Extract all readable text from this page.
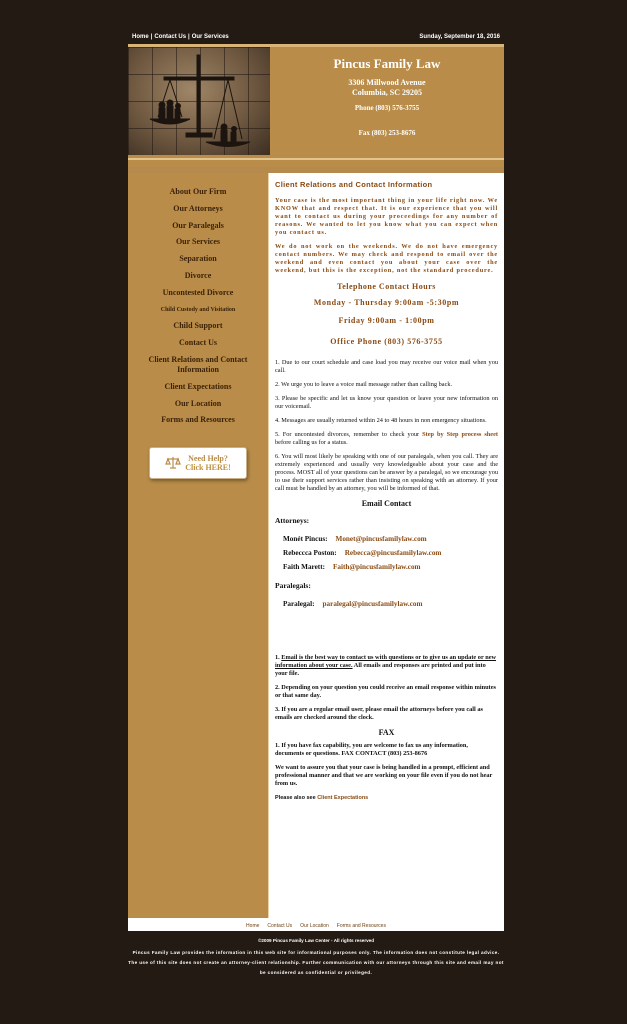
Home | Contact Us | Our Services	Sunday, September 18, 2016
Pincus Family Law
3306 Millwood Avenue
Columbia, SC 29205
Phone (803) 576-3755
Fax (803) 253-8676
About Our Firm
Our Attorneys
Our Paralegals
Our Services
Separation
Divorce
Uncontested Divorce
Child Custody and Visitation
Child Support
Contact Us
Client Relations and Contact Information
Client Expectations
Our Location
Forms and Resources
Need Help?
Click HERE!
Client Relations and Contact Information

Your case is the most important thing in your life right now. We KNOW that and respect that. It is our experience that you will want to contact us during your proceedings for any number of reasons. We wanted to let you know what you can expect when you contact us.

We do not work on the weekends. We do not have emergency contact numbers. We may check and respond to email over the weekend and even contact you about your case over the weekend, but this is the exception, not the standard procedure.

Telephone Contact Hours
Monday - Thursday 9:00am -5:30pm
Friday 9:00am - 1:00pm
Office Phone (803) 576-3755

1. Due to our court schedule and case load you may receive our voice mail when you call.

2. We urge you to leave a voice mail message rather than calling back.

3. Please be specific and let us know your question or leave your new information on our voicemail.

4. Messages are usually returned within 24 to 48 hours in non emergency situations.

5. For uncontested divorces, remember to check your Step by Step process sheet before calling us for a status.

6. You will most likely be speaking with one of our paralegals, when you call. They are extremely experienced and usually very knowledgeable about your case and the process. MOST all of your questions can be answer by a paralegal, so we encourage you to use their support services rather than insisting on speaking with an attorney. If your call must be handled by an attorney, you will be informed of that.

Email Contact
Attorneys:
Monét Pincus: Monet@pincusfamilylaw.com
Rebeccca Poston: Rebecca@pincusfamilylaw.com
Faith Marett: Faith@pincusfamilylaw.com
Paralegals:
Paralegal: paralegal@pincusfamilylaw.com

1. Email is the best way to contact us with questions or to give us an update or new information about your case. All emails and responses are printed and put into your file.

2. Depending on your question you could receive an email response within minutes or that same day.

3. If you are a regular email user, please email the attorneys before you call as emails are checked around the clock.

FAX

1. If you have fax capability, you are welcome to fax us any information, documents or questions. FAX CONTACT (803) 253-8676

We want to assure you that your case is being handled in a prompt, efficient and professional manner and that we are working on your file even if you do not hear from us.

Please also see Client Expectations

Home Contact Us Our Location Forms and Resources
©2009 Pincus Family Law Center - All rights reserved
Pincus Family Law provides the information in this web site for informational purposes only. The information does not constitute legal advice. The use of this site does not create an attorney-client relationship. Further communication with our attorneys through this site and email may not be considered as confidential or privileged.
